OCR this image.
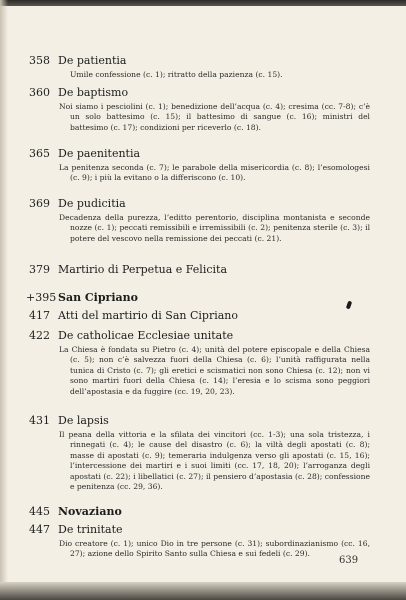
358 De patientia

Umile confessione (c. 1); ritratto della pazienza (c. 15).

360 De baptismo

Noi siamo i pesciolini (c. 1); benedizione dell’acqua (c. 4); cresima (cc. 7-8); c’è un solo battesimo (c. 15); il battesimo di sangue (c. 16); ministri del battesimo (c. 17); condizioni per riceverlo (c. 18).

365 De paenitentia

La penitenza seconda (c. 7); le parabole della misericordia (c. 8); l’esomologesi (c. 9); i più la evitano o la differiscono (c. 10).

369 De pudicitia

Decadenza della purezza, l’editto perentorio, disciplina montanista e seconde nozze (c. 1); peccati remissibili e irremissibili (c. 2); penitenza sterile (c. 3); il potere del vescovo nella remissione dei peccati (c. 21).

379 Martirio di Perpetua e Felicita
+395 San Cipriano
417 Atti del martirio di San Cipriano
422 De catholicae Ecclesiae unitate

La Chiesa è fondata su Pietro (c. 4); unità del potere episcopale e della Chiesa (c. 5); non c’è salvezza fuori della Chiesa (c. 6); l’unità raffigurata nella tunica di Cristo (c. 7); gli eretici e scismatici non sono Chiesa (c. 12); non vi sono martiri fuori della Chiesa (c. 14); l’eresia e lo scisma sono peggiori dell’apostasia e da fuggire (cc. 19, 20, 23).

431 De lapsis

Il peana della vittoria e la sfilata dei vincitori (cc. 1-3); una sola tristezza, i rinnegati (c. 4); le cause del disastro (c. 6); la viltà degli apostati (c. 8); masse di apostati (c. 9); temeraria indulgenza verso gli apostati (c. 15, 16); l’intercessione dei martiri e i suoi limiti (cc. 17, 18, 20); l’arroganza degli apostati (c. 22); i libellatici (c. 27); il pensiero d’apostasia (c. 28); confessione e penitenza (cc. 29, 36).

445 Novaziano
447 De trinitate

Dio creatore (c. 1); unico Dio in tre persone (c. 31); subordinazianismo (cc. 16, 27); azione dello Spirito Santo sulla Chiesa e sui fedeli (c. 29).

639
